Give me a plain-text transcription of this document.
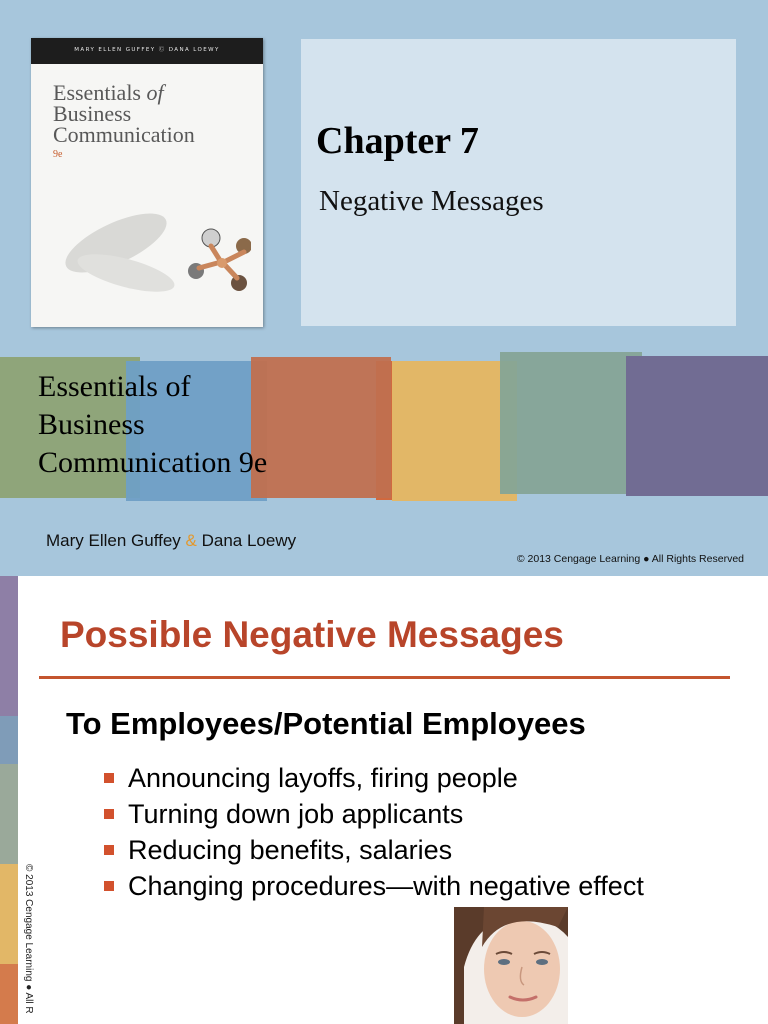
MARY ELLEN GUFFEY Ⓒ DANA LOEWY
Essentials of
Business
Communication
9e	Chapter 7
Negative Messages
Essentials of
Business
Communication 9e
Mary Ellen Guffey & Dana Loewy
© 2013 Cengage Learning ● All Rights Reserved
© 2013 Cengage Learning ● All R
Possible Negative Messages
To Employees/Potential Employees
Announcing layoffs, firing people
Turning down job applicants
Reducing benefits, salaries
Changing procedures—with negative effect
